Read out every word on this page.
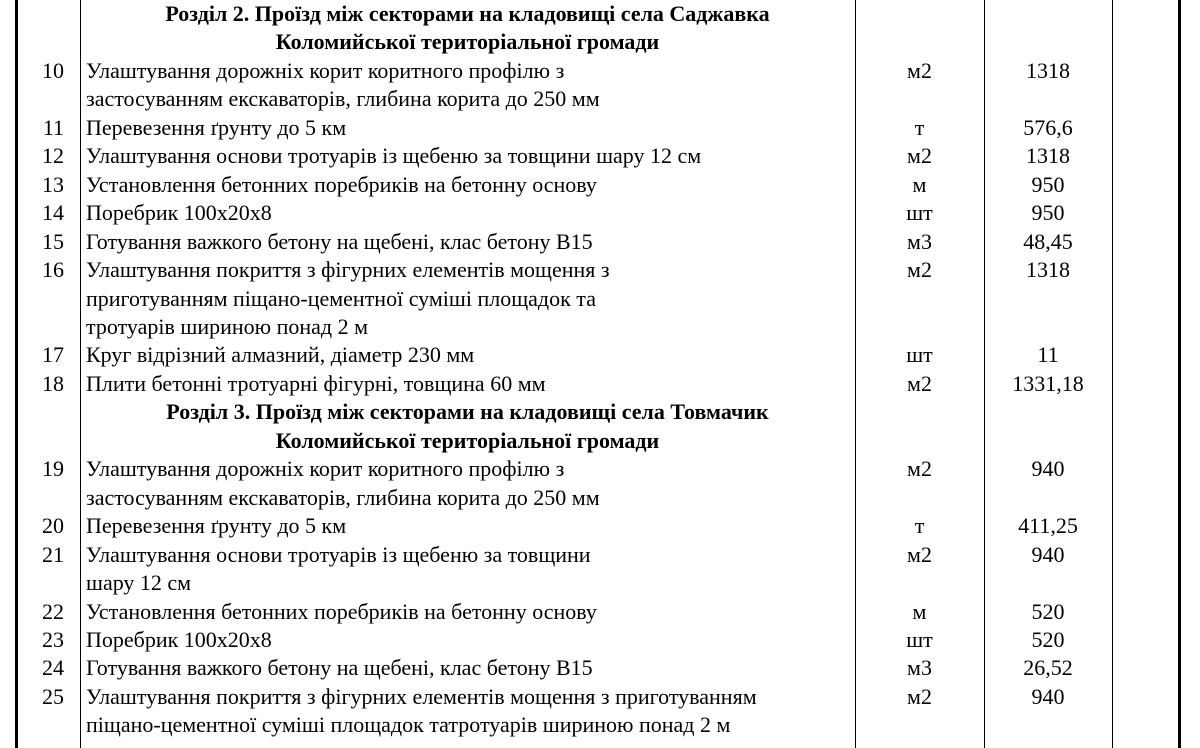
Розділ 2. Проїзд між секторами на кладовищі села Саджавка
Коломийської територіальної громади
10 Улаштування дорожніх корит коритного профілю з
застосуванням екскаваторів, глибина корита до 250 мм
м2	1318
11 Перевезення ґрунту до 5 км	т	576,6
12 Улаштування основи тротуарів із щебеню за товщини шару 12 см	м2	1318
13 Установлення бетонних поребриків на бетонну основу	м	950
14 Поребрик 100х20х8	шт	950
15 Готування важкого бетону на щебені, клас бетону В15	м3	48,45
16 Улаштування покриття з фігурних елементів мощення з
приготуванням піщано-цементної суміші площадок та
тротуарів шириною понад 2 м
м2	1318
17 Круг відрізний алмазний, діаметр 230 мм	шт	11
18 Плити бетонні тротуарні фігурні, товщина 60 мм	м2	1331,18
Розділ 3. Проїзд між секторами на кладовищі села Товмачик
Коломийської територіальної громади
19 Улаштування дорожніх корит коритного профілю з
застосуванням екскаваторів, глибина корита до 250 мм
м2	940
20 Перевезення ґрунту до 5 км	т	411,25
21 Улаштування основи тротуарів із щебеню за товщини
шару 12 см
м2	940
22 Установлення бетонних поребриків на бетонну основу	м	520
23 Поребрик 100х20х8	шт	520
24 Готування важкого бетону на щебені, клас бетону В15	м3	26,52
25 Улаштування покриття з фігурних елементів мощення з приготуванням
піщано-цементної суміші площадок татротуарів шириною понад 2 м
м2	940
